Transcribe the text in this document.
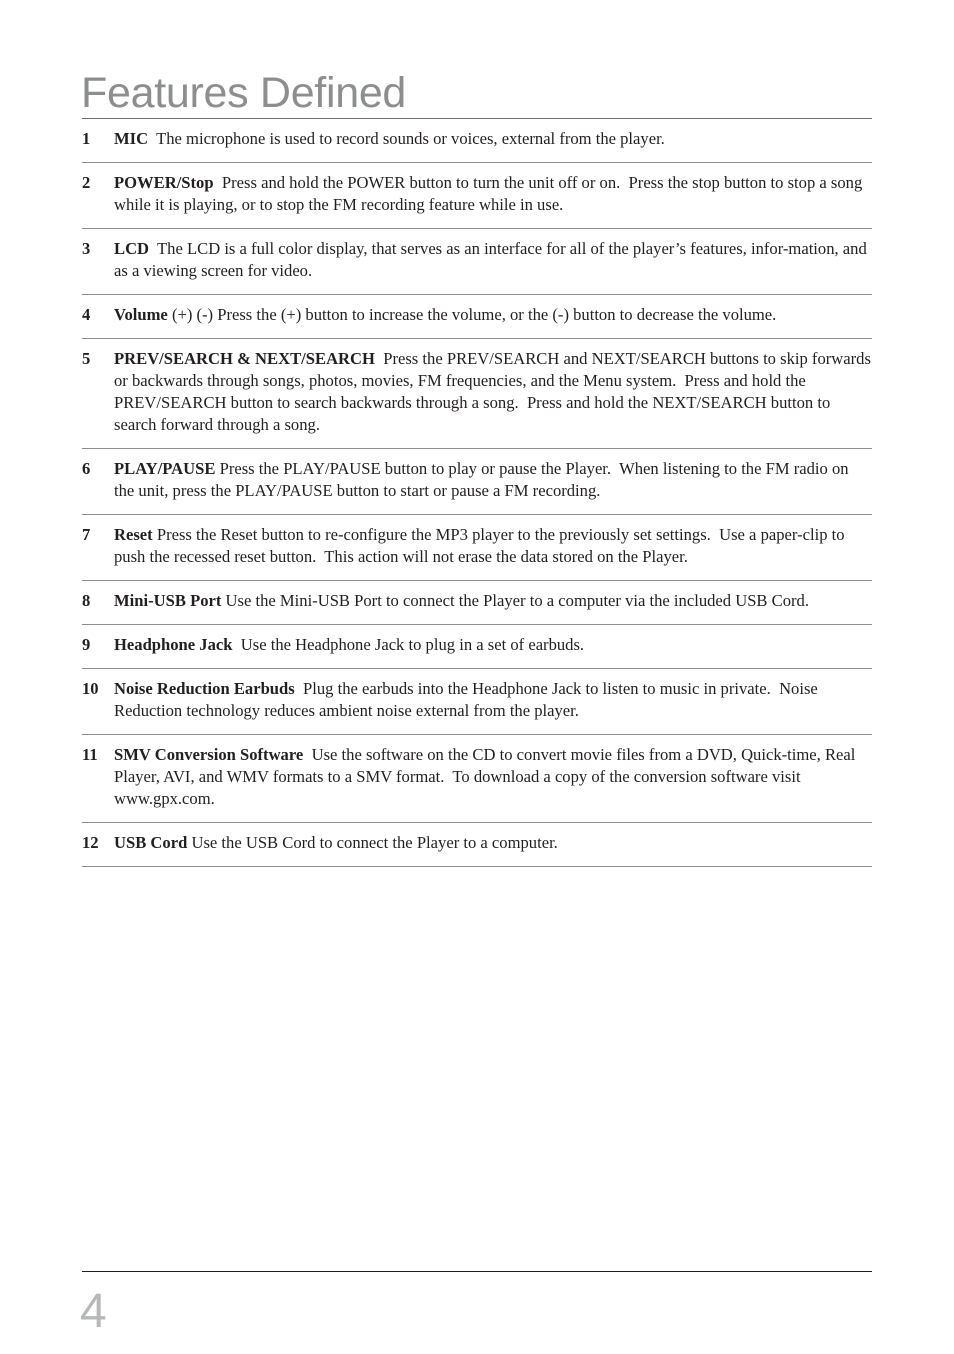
Features Defined
1	MIC  The microphone is used to record sounds or voices, external from the player.
2	POWER/Stop  Press and hold the POWER button to turn the unit off or on.  Press the stop button to stop a song while it is playing, or to stop the FM recording feature while in use.
3	LCD  The LCD is a full color display, that serves as an interface for all of the player’s features, infor-mation, and as a viewing screen for video.
4	Volume (+) (-) Press the (+) button to increase the volume, or the (-) button to decrease the volume.
5	PREV/SEARCH & NEXT/SEARCH  Press the PREV/SEARCH and NEXT/SEARCH buttons to skip forwards or backwards through songs, photos, movies, FM frequencies, and the Menu system.  Press and hold the PREV/SEARCH button to search backwards through a song.  Press and hold the NEXT/SEARCH button to search forward through a song.
6	PLAY/PAUSE Press the PLAY/PAUSE button to play or pause the Player.  When listening to the FM radio on the unit, press the PLAY/PAUSE button to start or pause a FM recording.
7	Reset Press the Reset button to re-configure the MP3 player to the previously set settings.  Use a paper-clip to push the recessed reset button.  This action will not erase the data stored on the Player.
8	Mini-USB Port Use the Mini-USB Port to connect the Player to a computer via the included USB Cord.
9	Headphone Jack  Use the Headphone Jack to plug in a set of earbuds.
10 Noise Reduction Earbuds  Plug the earbuds into the Headphone Jack to listen to music in private.  Noise Reduction technology reduces ambient noise external from the player.
11 SMV Conversion Software  Use the software on the CD to convert movie files from a DVD, Quick-time, Real Player, AVI, and WMV formats to a SMV format.  To download a copy of the conversion software visit www.gpx.com.
12 USB Cord Use the USB Cord to connect the Player to a computer.
4
